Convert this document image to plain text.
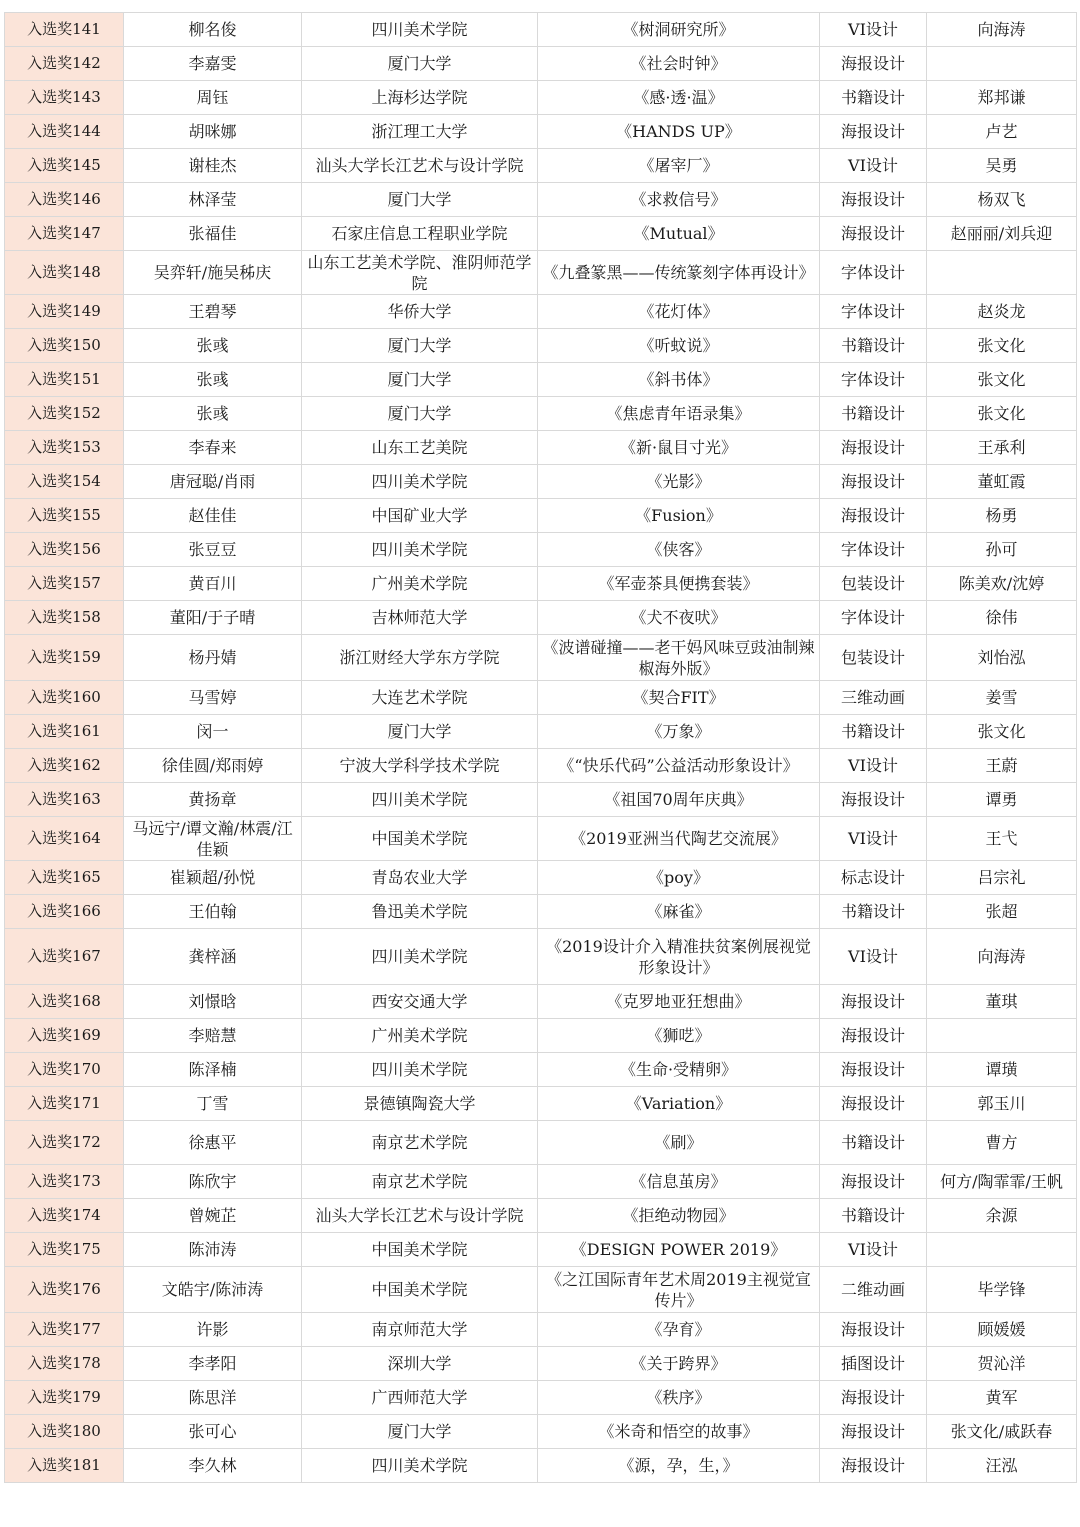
入选奖141	柳名俊	四川美术学院	《树洞研究所》	VI设计	向海涛
入选奖142	李嘉雯	厦门大学	《社会时钟》	海报设计	
入选奖143	周钰	上海杉达学院	《感·透·温》	书籍设计	郑邦谦
入选奖144	胡咪娜	浙江理工大学	《HANDS UP》	海报设计	卢艺
入选奖145	谢桂杰	汕头大学长江艺术与设计学院	《屠宰厂》	VI设计	吴勇
入选奖146	林泽莹	厦门大学	《求救信号》	海报设计	杨双飞
入选奖147	张福佳	石家庄信息工程职业学院	《Mutual》	海报设计	赵丽丽/刘兵迎
入选奖148	吴弈轩/施吴秭庆	山东工艺美术学院、淮阴师范学院	《九叠篆黑——传统篆刻字体再设计》	字体设计	
入选奖149	王碧琴	华侨大学	《花灯体》	字体设计	赵炎龙
入选奖150	张彧	厦门大学	《听蚊说》	书籍设计	张文化
入选奖151	张彧	厦门大学	《斜书体》	字体设计	张文化
入选奖152	张彧	厦门大学	《焦虑青年语录集》	书籍设计	张文化
入选奖153	李春来	山东工艺美院	《新·鼠目寸光》	海报设计	王承利
入选奖154	唐冠聪/肖雨	四川美术学院	《光影》	海报设计	董虹霞
入选奖155	赵佳佳	中国矿业大学	《Fusion》	海报设计	杨勇
入选奖156	张豆豆	四川美术学院	《侠客》	字体设计	孙可
入选奖157	黄百川	广州美术学院	《军壶茶具便携套装》	包装设计	陈美欢/沈婷
入选奖158	董阳/于子晴	吉林师范大学	《犬不夜吠》	字体设计	徐伟
入选奖159	杨丹婧	浙江财经大学东方学院	《波谱碰撞——老干妈风味豆豉油制辣椒海外版》	包装设计	刘怡泓
入选奖160	马雪婷	大连艺术学院	《契合FIT》	三维动画	姜雪
入选奖161	闵一	厦门大学	《万象》	书籍设计	张文化
入选奖162	徐佳圆/郑雨婷	宁波大学科学技术学院	《“快乐代码”公益活动形象设计》	VI设计	王蔚
入选奖163	黄扬章	四川美术学院	《祖国70周年庆典》	海报设计	谭勇
入选奖164	马远宁/谭文瀚/林震/江佳颖	中国美术学院	《2019亚洲当代陶艺交流展》	VI设计	王弋
入选奖165	崔颖超/孙悦	青岛农业大学	《poy》	标志设计	吕宗礼
入选奖166	王伯翰	鲁迅美术学院	《麻雀》	书籍设计	张超
入选奖167	龚梓涵	四川美术学院	《2019设计介入精准扶贫案例展视觉形象设计》	VI设计	向海涛
入选奖168	刘憬晗	西安交通大学	《克罗地亚狂想曲》	海报设计	董琪
入选奖169	李赔慧	广州美术学院	《狮呓》	海报设计	
入选奖170	陈泽楠	四川美术学院	《生命·受精卵》	海报设计	谭璜
入选奖171	丁雪	景德镇陶瓷大学	《Variation》	海报设计	郭玉川
入选奖172	徐惠平	南京艺术学院	《刷》	书籍设计	曹方
入选奖173	陈欣宇	南京艺术学院	《信息茧房》	海报设计	何方/陶霏霏/王帆
入选奖174	曾婉芷	汕头大学长江艺术与设计学院	《拒绝动物园》	书籍设计	余源
入选奖175	陈沛涛	中国美术学院	《DESIGN POWER 2019》	VI设计	
入选奖176	文皓宇/陈沛涛	中国美术学院	《之江国际青年艺术周2019主视觉宣传片》	二维动画	毕学锋
入选奖177	许影	南京师范大学	《孕育》	海报设计	顾媛媛
入选奖178	李孝阳	深圳大学	《关于跨界》	插图设计	贺沁洋
入选奖179	陈思洋	广西师范大学	《秩序》	海报设计	黄军
入选奖180	张可心	厦门大学	《米奇和悟空的故事》	海报设计	张文化/戚跃春
入选奖181	李久林	四川美术学院	《源，孕，生，》	海报设计	汪泓
